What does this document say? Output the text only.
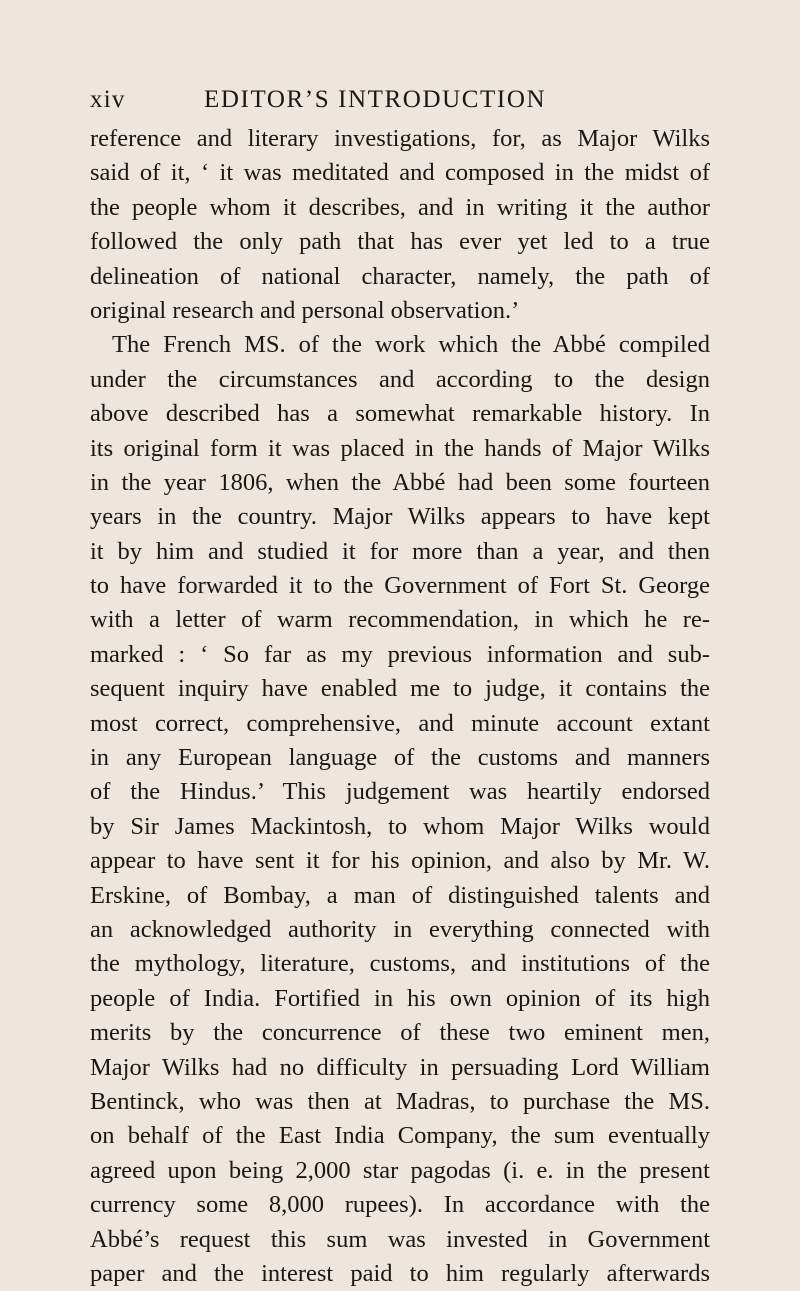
xiv	EDITOR’S INTRODUCTION
reference and literary investigations, for, as Major Wilks
said of it, ‘ it was meditated and composed in the midst of
the people whom it describes, and in writing it the author
followed the only path that has ever yet led to a true
delineation of national character, namely, the path of
original research and personal observation.’
The French MS. of the work which the Abbé compiled
under the circumstances and according to the design
above described has a somewhat remarkable history. In
its original form it was placed in the hands of Major Wilks
in the year 1806, when the Abbé had been some fourteen
years in the country. Major Wilks appears to have kept
it by him and studied it for more than a year, and then
to have forwarded it to the Government of Fort St. George
with a letter of warm recommendation, in which he re-
marked : ‘ So far as my previous information and sub-
sequent inquiry have enabled me to judge, it contains the
most correct, comprehensive, and minute account extant
in any European language of the customs and manners
of the Hindus.’ This judgement was heartily endorsed
by Sir James Mackintosh, to whom Major Wilks would
appear to have sent it for his opinion, and also by Mr. W.
Erskine, of Bombay, a man of distinguished talents and
an acknowledged authority in everything connected with
the mythology, literature, customs, and institutions of the
people of India. Fortified in his own opinion of its high
merits by the concurrence of these two eminent men,
Major Wilks had no difficulty in persuading Lord William
Bentinck, who was then at Madras, to purchase the MS.
on behalf of the East India Company, the sum eventually
agreed upon being 2,000 star pagodas (i. e. in the present
currency some 8,000 rupees). In accordance with the
Abbé’s request this sum was invested in Government
paper and the interest paid to him regularly afterwards
